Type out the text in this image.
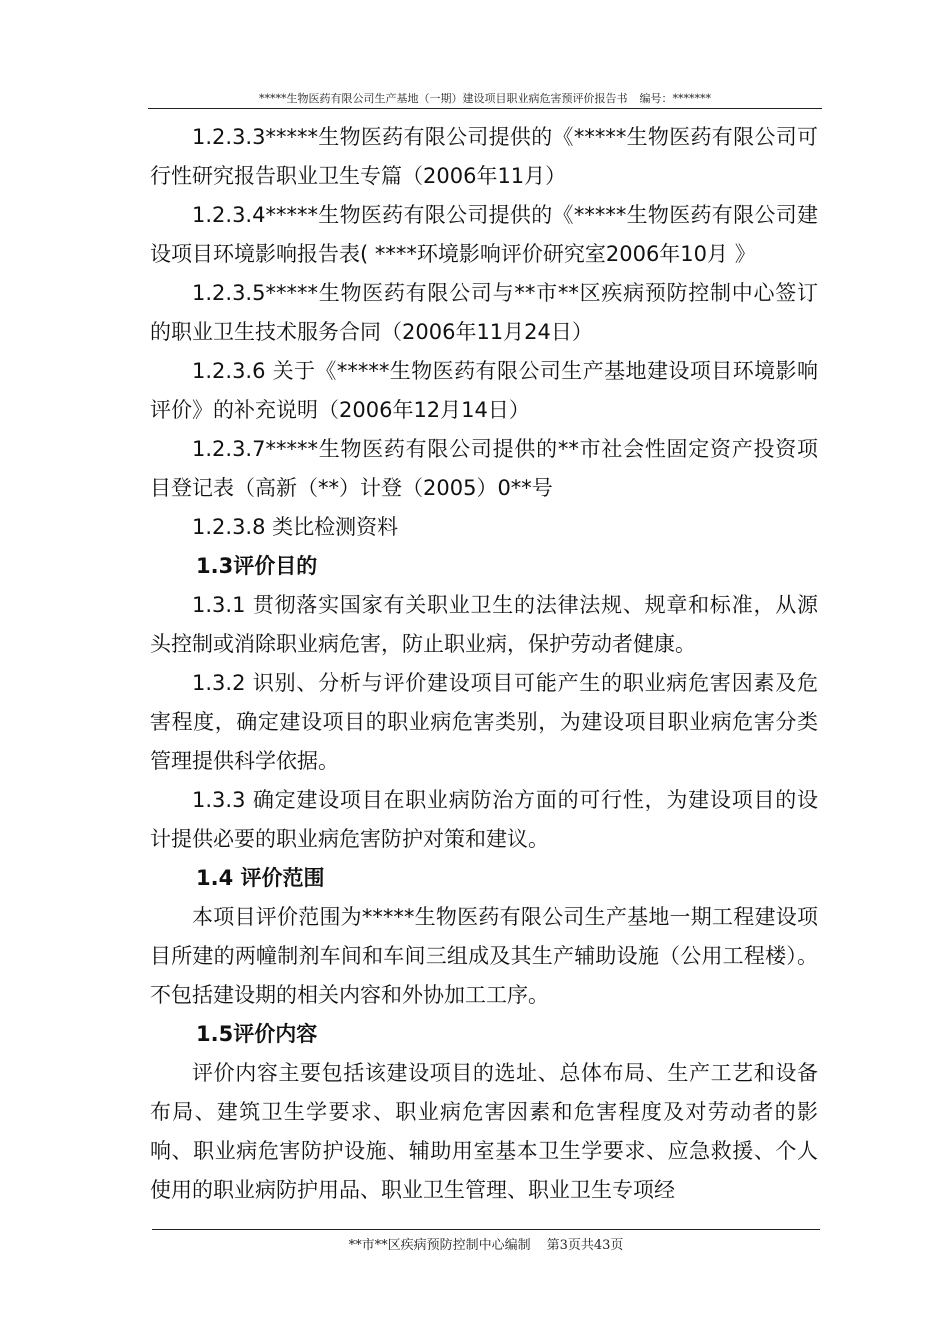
*****生物医药有限公司生产基地（一期）建设项目职业病危害预评价报告书 编号：*******

1.2.3.3*****生物医药有限公司提供的《*****生物医药有限公司可行性研究报告职业卫生专篇（2006年11月）

1.2.3.4*****生物医药有限公司提供的《*****生物医药有限公司建设项目环境影响报告表( ****环境影响评价研究室2006年10月 》

1.2.3.5*****生物医药有限公司与**市**区疾病预防控制中心签订的职业卫生技术服务合同（2006年11月24日）

1.2.3.6 关于《*****生物医药有限公司生产基地建设项目环境影响评价》的补充说明（2006年12月14日）

1.2.3.7*****生物医药有限公司提供的**市社会性固定资产投资项目登记表（高新（**）计登（2005）0**号

1.2.3.8 类比检测资料

1.3评价目的

1.3.1 贯彻落实国家有关职业卫生的法律法规、规章和标准，从源头控制或消除职业病危害，防止职业病，保护劳动者健康。

1.3.2 识别、分析与评价建设项目可能产生的职业病危害因素及危害程度，确定建设项目的职业病危害类别，为建设项目职业病危害分类管理提供科学依据。

1.3.3 确定建设项目在职业病防治方面的可行性，为建设项目的设计提供必要的职业病危害防护对策和建议。

1.4 评价范围

本项目评价范围为*****生物医药有限公司生产基地一期工程建设项目所建的两幢制剂车间和车间三组成及其生产辅助设施（公用工程楼）。不包括建设期的相关内容和外协加工工序。

1.5评价内容

评价内容主要包括该建设项目的选址、总体布局、生产工艺和设备布局、建筑卫生学要求、职业病危害因素和危害程度及对劳动者的影响、职业病危害防护设施、辅助用室基本卫生学要求、应急救援、个人使用的职业病防护用品、职业卫生管理、职业卫生专项经

**市**区疾病预防控制中心编制 第3页共43页
